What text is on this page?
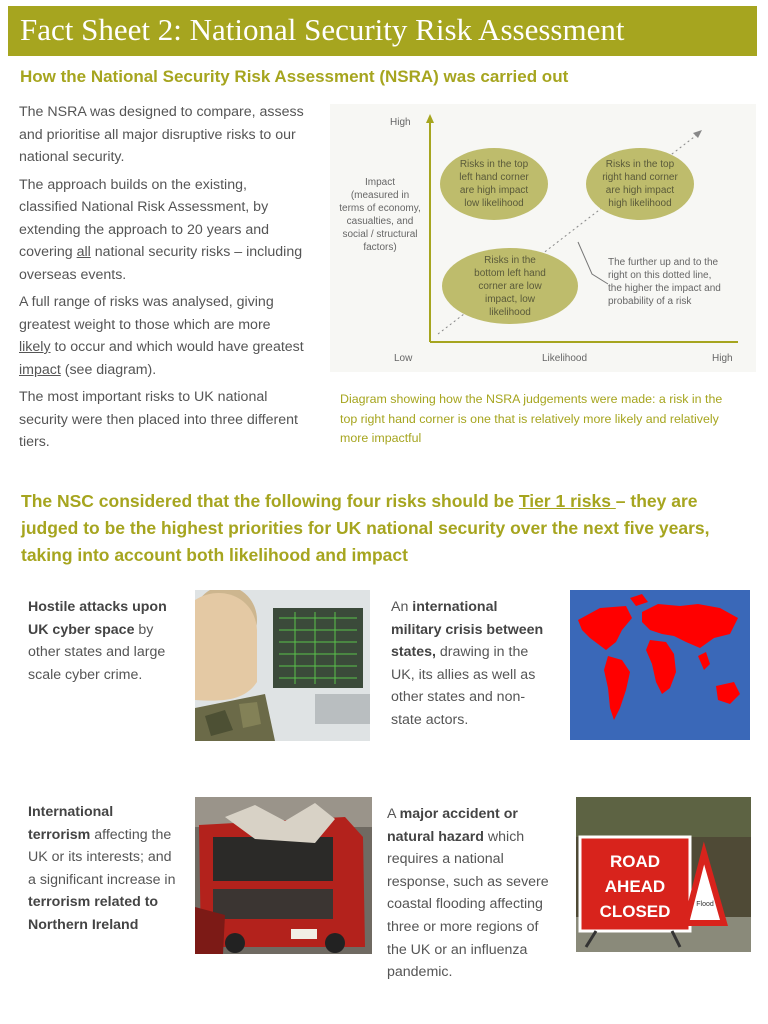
Fact Sheet 2: National Security Risk Assessment
How the National Security Risk Assessment (NSRA) was carried out

The NSRA was designed to compare, assess and prioritise all major disruptive risks to our national security.

The approach builds on the existing, classified National Risk Assessment, by extending the approach to 20 years and covering all national security risks – including overseas events.

A full range of risks was analysed, giving greatest weight to those which are more likely to occur and which would have greatest impact (see diagram).

The most important risks to UK national security were then placed into three different tiers.

High
Impact
(measured in
terms of economy,
casualties, and
social / structural
factors)
Risks in the top
left hand corner
are high impact
low likelihood
Risks in the top
right hand corner
are high impact
high likelihood
Risks in the
bottom left hand
corner are low
impact, low
likelihood
The further up and to the
right on this dotted line,
the higher the impact and
probability of a risk
Low	Likelihood	High
Diagram showing how the NSRA judgements were made: a risk in the top right hand corner is one that is relatively more likely and relatively more impactful
The NSC considered that the following four risks should be Tier 1 risks – they are judged to be the highest priorities for UK national security over the next five years, taking into account both likelihood and impact
Hostile attacks upon UK cyber space by other states and large scale cyber crime.
An international military crisis between states, drawing in the UK, its allies as well as other states and non-state actors.
International terrorism affecting the UK or its interests; and a significant increase in terrorism related to Northern Ireland
A major accident or natural hazard which requires a national response, such as severe coastal flooding affecting three or more regions of the UK or an influenza pandemic.
ROAD
AHEAD
CLOSED	Flood
